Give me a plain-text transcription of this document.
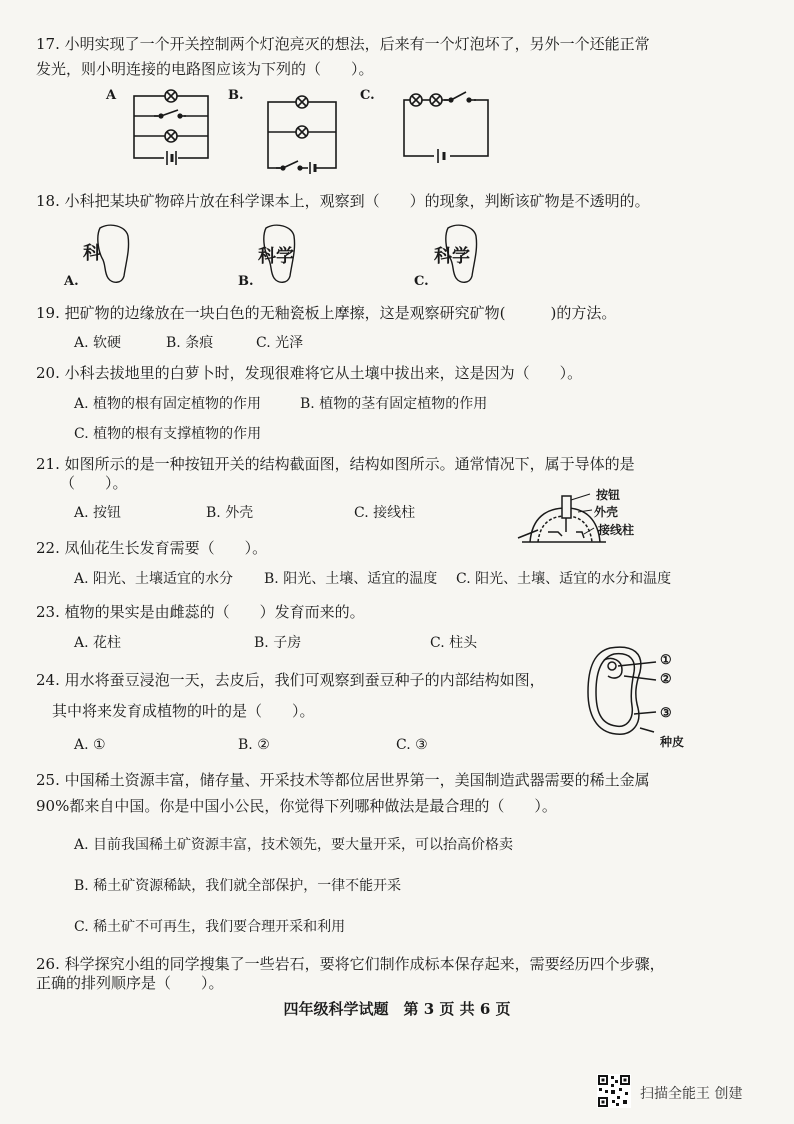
17. 小明实现了一个开关控制两个灯泡亮灭的想法，后来有一个灯泡坏了，另外一个还能正常
发光，则小明连接的电路图应该为下列的（　　）。
A	B.	C.
18. 小科把某块矿物碎片放在科学课本上，观察到（　　）的现象，判断该矿物是不透明的。
科	科学	科学
A.	B.	C.
19. 把矿物的边缘放在一块白色的无釉瓷板上摩擦，这是观察研究矿物(　　　)的方法。
A. 软硬	B. 条痕	C. 光泽
20. 小科去拔地里的白萝卜时，发现很难将它从土壤中拔出来，这是因为（　　）。
A. 植物的根有固定植物的作用	B. 植物的茎有固定植物的作用
C. 植物的根有支撑植物的作用
21. 如图所示的是一种按钮开关的结构截面图，结构如图所示。通常情况下，属于导体的是
（　　）。
A. 按钮	B. 外壳	C. 接线柱
按钮
外壳
接线柱
22. 凤仙花生长发育需要（　　）。
A. 阳光、土壤适宜的水分 B. 阳光、土壤、适宜的温度 C. 阳光、土壤、适宜的水分和温度
23. 植物的果实是由雌蕊的（　　）发育而来的。
A. 花柱	B. 子房	C. 柱头
24. 用水将蚕豆浸泡一天，去皮后，我们可观察到蚕豆种子的内部结构如图，
其中将来发育成植物的叶的是（　　）。
A. ①	B. ②	C. ③
①
②
③
种皮
25. 中国稀土资源丰富，储存量、开采技术等都位居世界第一，美国制造武器需要的稀土金属
90%都来自中国。你是中国小公民，你觉得下列哪种做法是最合理的（　　）。
A. 目前我国稀土矿资源丰富，技术领先，要大量开采，可以抬高价格卖
B. 稀土矿资源稀缺，我们就全部保护，一律不能开采
C. 稀土矿不可再生，我们要合理开采和利用
26. 科学探究小组的同学搜集了一些岩石，要将它们制作成标本保存起来，需要经历四个步骤，
正确的排列顺序是（　　）。
四年级科学试题　第 3 页 共 6 页
扫描全能王 创建
